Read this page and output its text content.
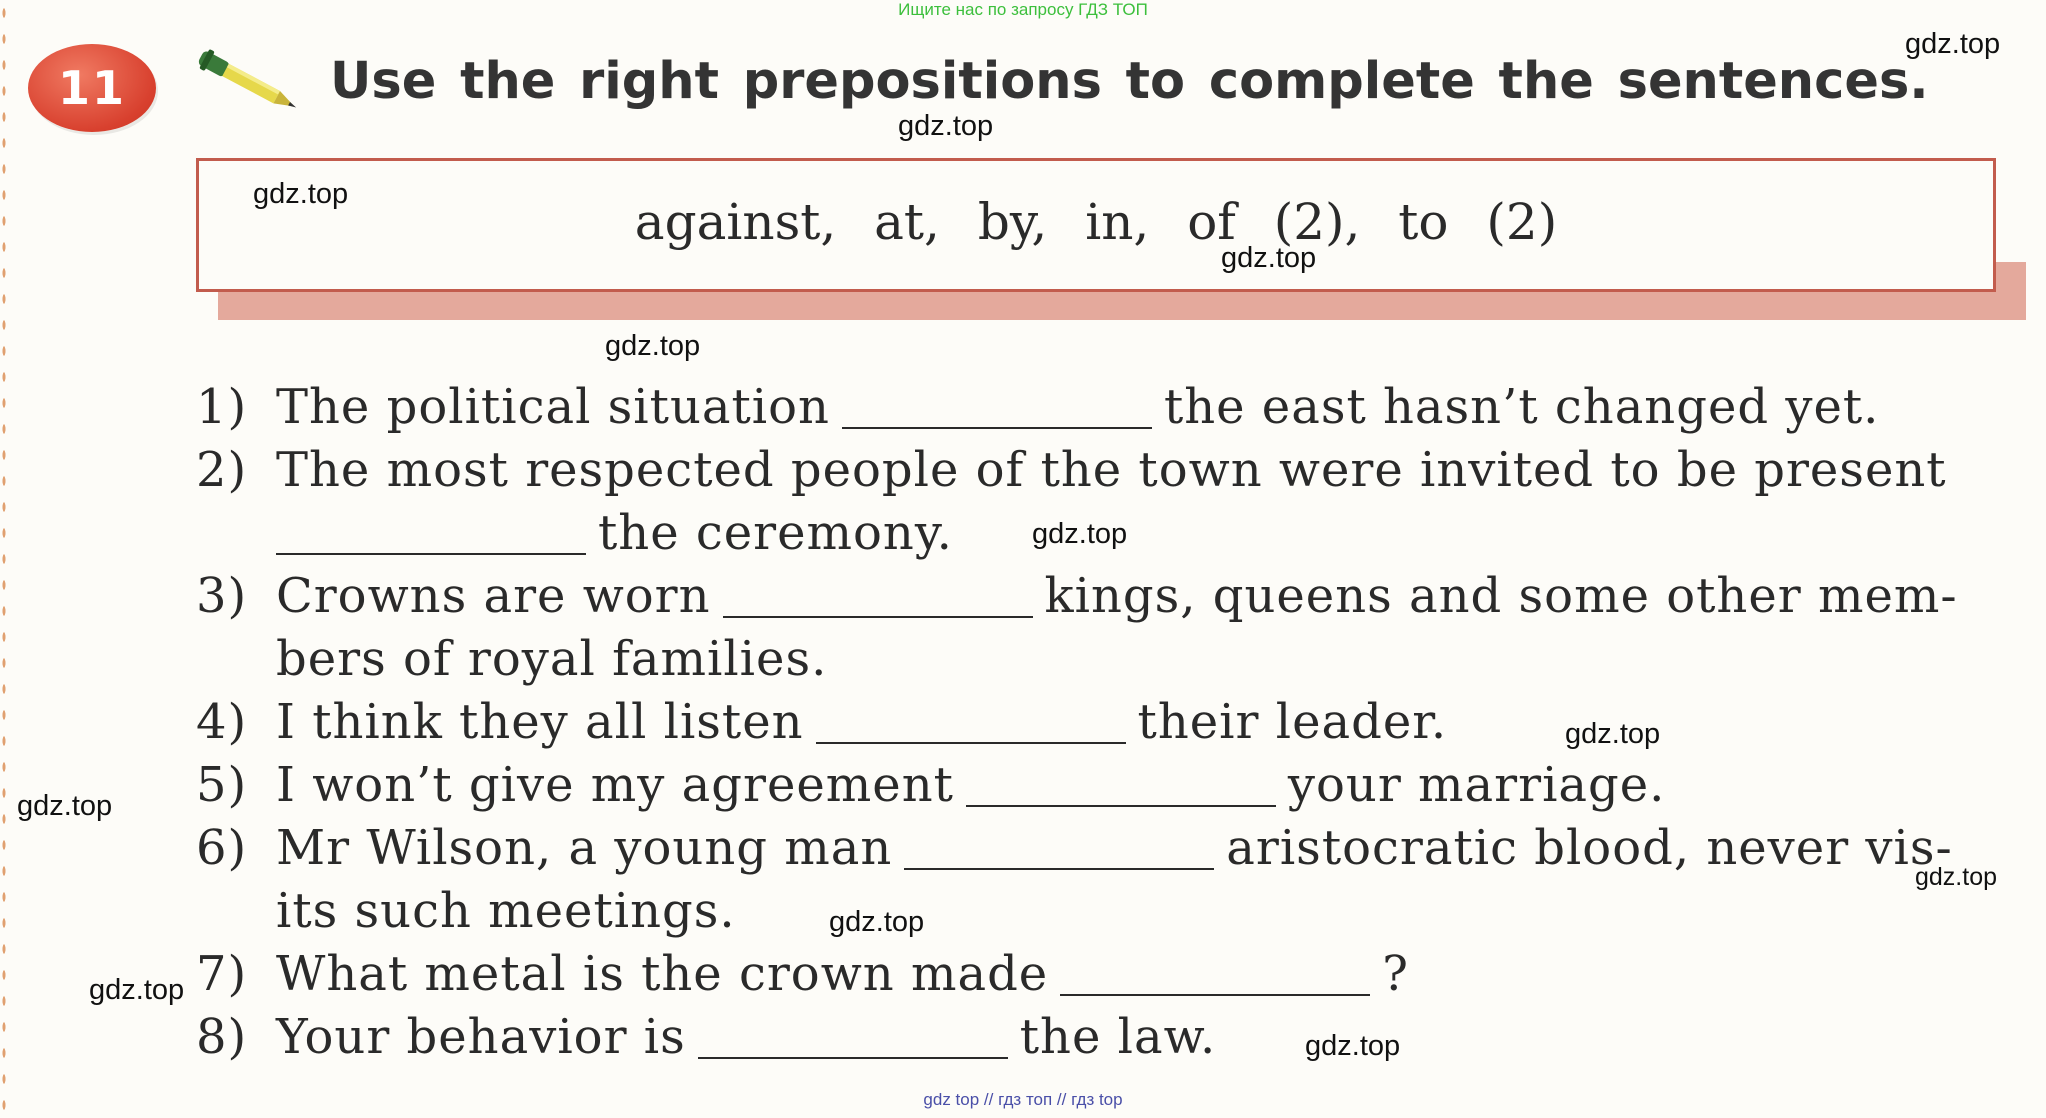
Ищите нас по запросу ГДЗ ТОП
11	Use the right prepositions to complete the sentences.
against, at, by, in, of (2), to (2)
1) The political situation	the east hasn’t changed yet.
2) The most respected people of the town were invited to be present
the ceremony.
3) Crowns are worn	kings, queens and some other mem-
bers of royal families.
4) I think they all listen	their leader.
5) I won’t give my agreement	your marriage.
6) Mr Wilson, a young man	aristocratic blood, never vis-
its such meetings.
7) What metal is the crown made	?
8) Your behavior is	the law.
gdz.top
gdz.top
gdz.top
gdz.top
gdz.top
gdz.top
gdz.top
gdz.top
gdz.top
gdz.top
gdz.top
gdz.top
gdz top // гдз топ // гдз top
